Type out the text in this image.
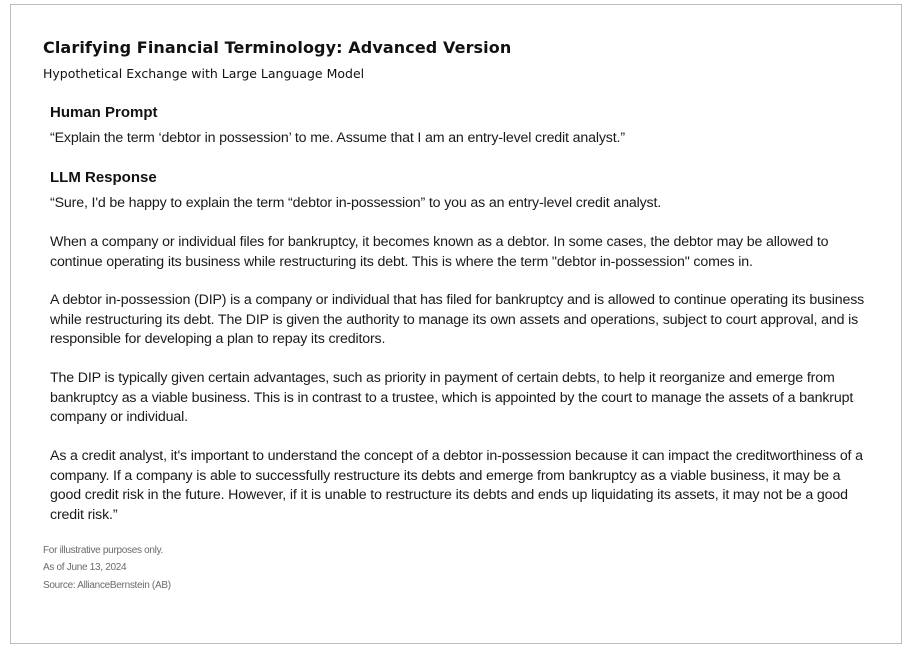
Clarifying Financial Terminology: Advanced Version
Hypothetical Exchange with Large Language Model
Human Prompt
“Explain the term ‘debtor in possession’ to me. Assume that I am an entry-level credit analyst.”
LLM Response
“Sure, I'd be happy to explain the term “debtor in-possession” to you as an entry-level credit analyst.
When a company or individual files for bankruptcy, it becomes known as a debtor. In some cases, the debtor may be allowed to continue operating its business while restructuring its debt. This is where the term "debtor in-possession" comes in.
A debtor in-possession (DIP) is a company or individual that has filed for bankruptcy and is allowed to continue operating its business while restructuring its debt. The DIP is given the authority to manage its own assets and operations, subject to court approval, and is responsible for developing a plan to repay its creditors.
The DIP is typically given certain advantages, such as priority in payment of certain debts, to help it reorganize and emerge from bankruptcy as a viable business. This is in contrast to a trustee, which is appointed by the court to manage the assets of a bankrupt company or individual.
As a credit analyst, it's important to understand the concept of a debtor in-possession because it can impact the creditworthiness of a company. If a company is able to successfully restructure its debts and emerge from bankruptcy as a viable business, it may be a good credit risk in the future. However, if it is unable to restructure its debts and ends up liquidating its assets, it may not be a good credit risk.”
For illustrative purposes only.
As of June 13, 2024
Source: AllianceBernstein (AB)
